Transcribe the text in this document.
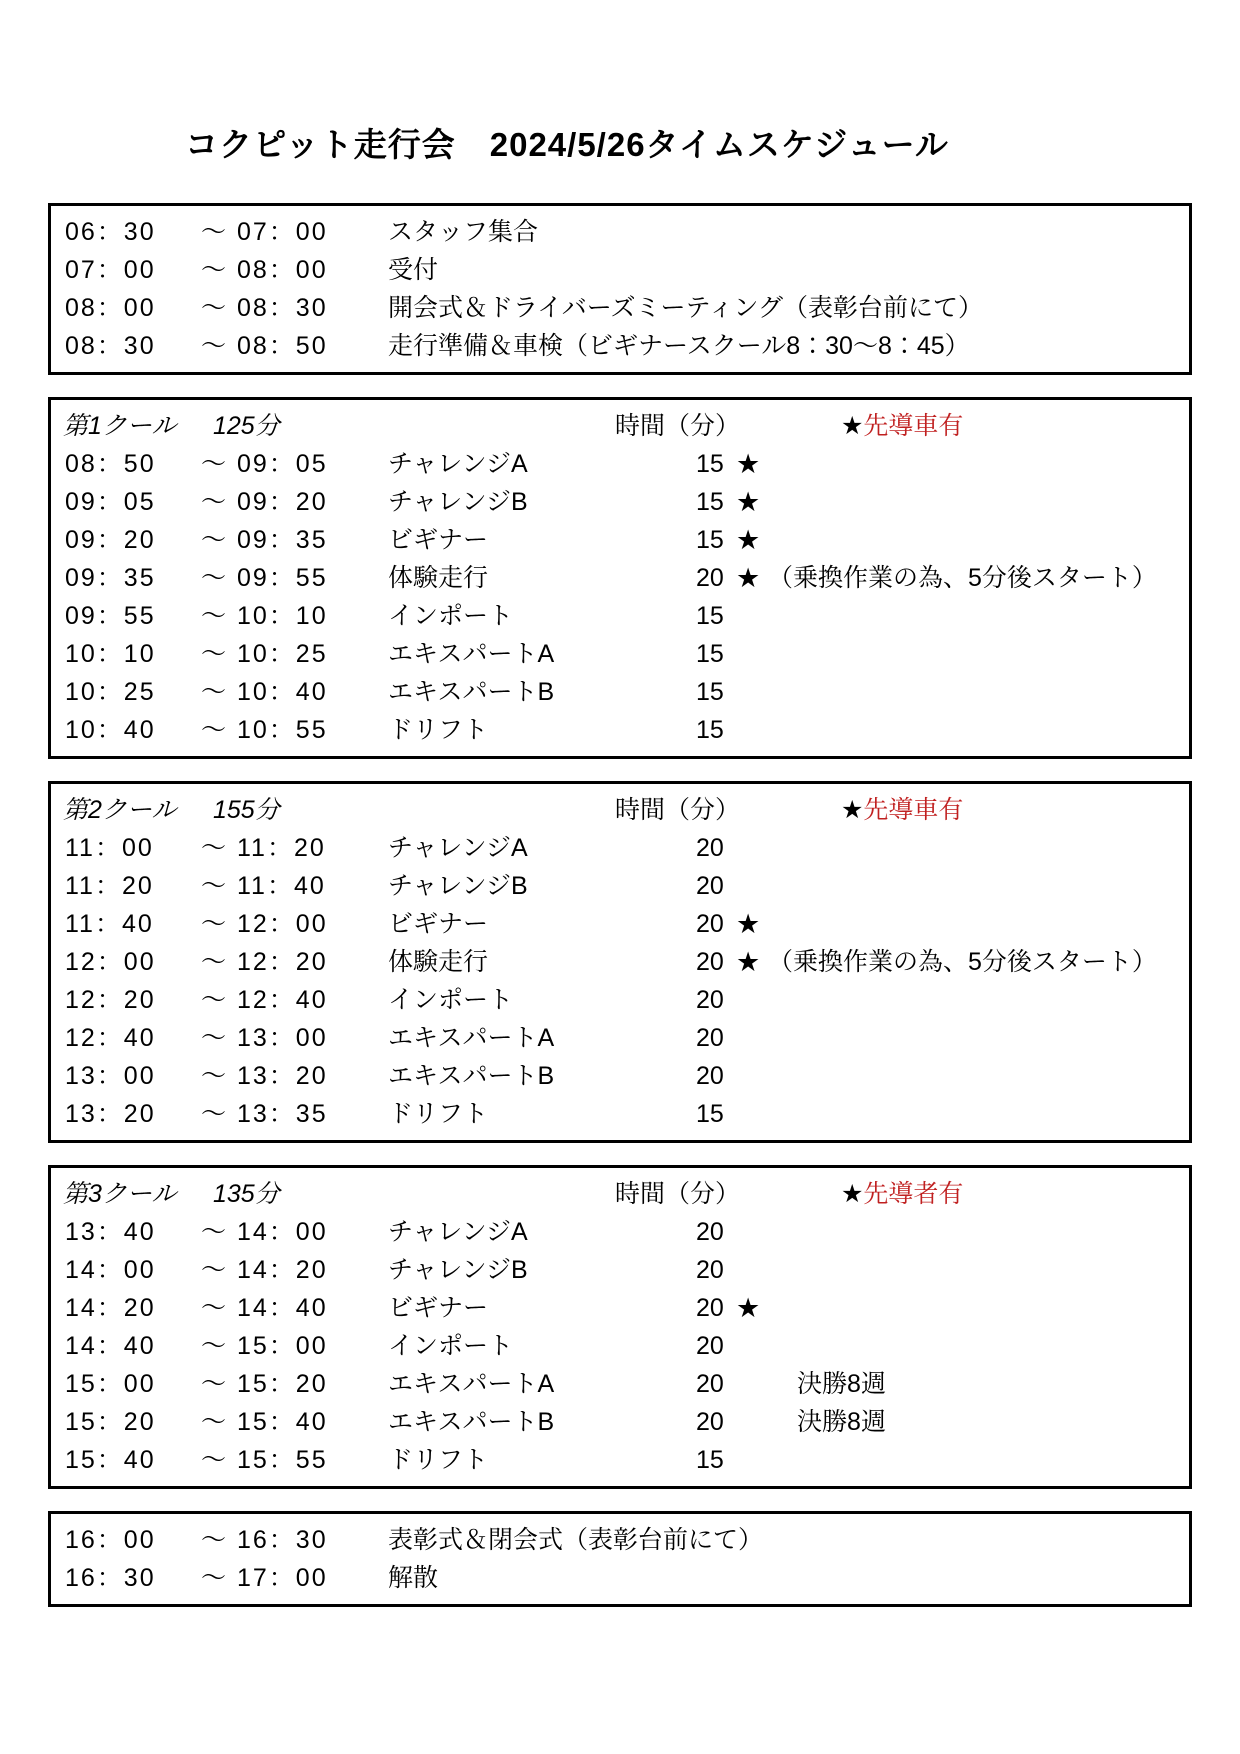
コクピット走行会　2024/5/26タイムスケジュール
06：30	～ 07：00	スタッフ集合
07：00	～ 08：00	受付
08：00	～ 08：30	開会式＆ドライバーズミーティング（表彰台前にて）
08：30	～ 08：50	走行準備＆車検（ビギナースクール8：30～8：45）
第1クール 125分	時間（分）	★先導車有
08：50	～ 09：05	チャレンジA	15 ★
09：05	～ 09：20	チャレンジB	15 ★
09：20	～ 09：35	ビギナー	15 ★
09：35	～ 09：55	体験走行	20 ★ （乗換作業の為、5分後スタート）
09：55	～ 10：10	インポート	15
10：10	～ 10：25	エキスパートA	15
10：25	～ 10：40	エキスパートB	15
10：40	～ 10：55	ドリフト	15
第2クール 155分	時間（分）	★先導車有
11：00	～ 11：20	チャレンジA	20
11：20	～ 11：40	チャレンジB	20
11：40	～ 12：00	ビギナー	20 ★
12：00	～ 12：20	体験走行	20 ★ （乗換作業の為、5分後スタート）
12：20	～ 12：40	インポート	20
12：40	～ 13：00	エキスパートA	20
13：00	～ 13：20	エキスパートB	20
13：20	～ 13：35	ドリフト	15
第3クール 135分	時間（分）	★先導者有
13：40	～ 14：00	チャレンジA	20
14：00	～ 14：20	チャレンジB	20
14：20	～ 14：40	ビギナー	20 ★
14：40	～ 15：00	インポート	20
15：00	～ 15：20	エキスパートA	20	決勝8週
15：20	～ 15：40	エキスパートB	20	決勝8週
15：40	～ 15：55	ドリフト	15
16：00	～ 16：30	表彰式＆閉会式（表彰台前にて）
16：30	～ 17：00	解散
